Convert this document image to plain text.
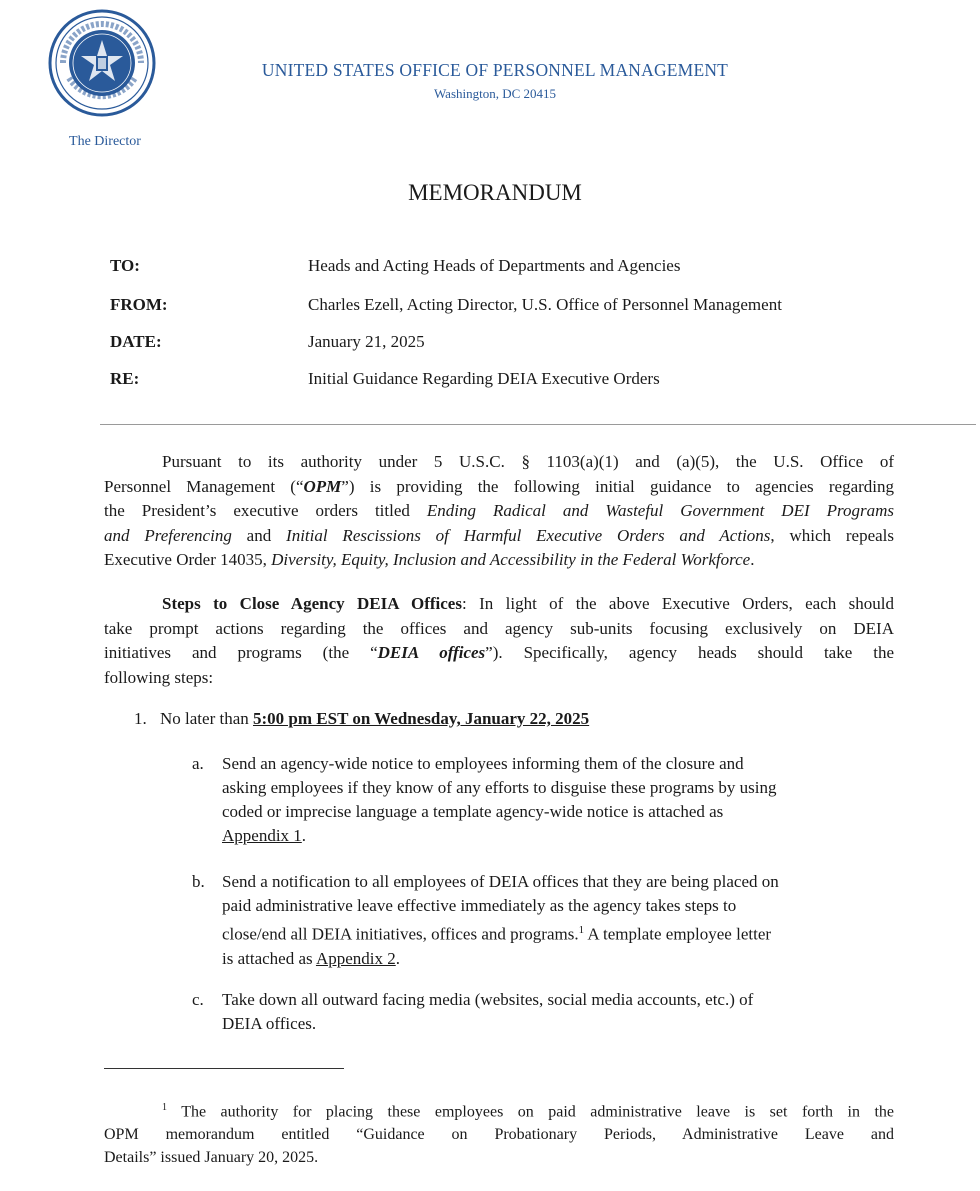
The Director
UNITED STATES OFFICE OF PERSONNEL MANAGEMENT
Washington, DC 20415
MEMORANDUM
TO:	Heads and Acting Heads of Departments and Agencies
FROM:	Charles Ezell, Acting Director, U.S. Office of Personnel Management
DATE:	January 21, 2025
RE:	Initial Guidance Regarding DEIA Executive Orders
Pursuant to its authority under 5 U.S.C. § 1103(a)(1) and (a)(5), the U.S. Office of
Personnel Management (“OPM”) is providing the following initial guidance to agencies regarding
the President’s executive orders titled Ending Radical and Wasteful Government DEI Programs
and Preferencing and Initial Rescissions of Harmful Executive Orders and Actions, which repeals
Executive Order 14035, Diversity, Equity, Inclusion and Accessibility in the Federal Workforce.
Steps to Close Agency DEIA Offices: In light of the above Executive Orders, each should
take prompt actions regarding the offices and agency sub-units focusing exclusively on DEIA
initiatives and programs (the “DEIA offices”). Specifically, agency heads should take the
following steps:
1. No later than 5:00 pm EST on Wednesday, January 22, 2025
a. Send an agency-wide notice to employees informing them of the closure and
asking employees if they know of any efforts to disguise these programs by using
coded or imprecise language a template agency-wide notice is attached as
Appendix 1.
b. Send a notification to all employees of DEIA offices that they are being placed on
paid administrative leave effective immediately as the agency takes steps to
close/end all DEIA initiatives, offices and programs.$^1$ A template employee letter
is attached as Appendix 2.
c. Take down all outward facing media (websites, social media accounts, etc.) of
DEIA offices.
$^1$ The authority for placing these employees on paid administrative leave is set forth in the
OPM memorandum entitled “Guidance on Probationary Periods, Administrative Leave and
Details” issued January 20, 2025.
